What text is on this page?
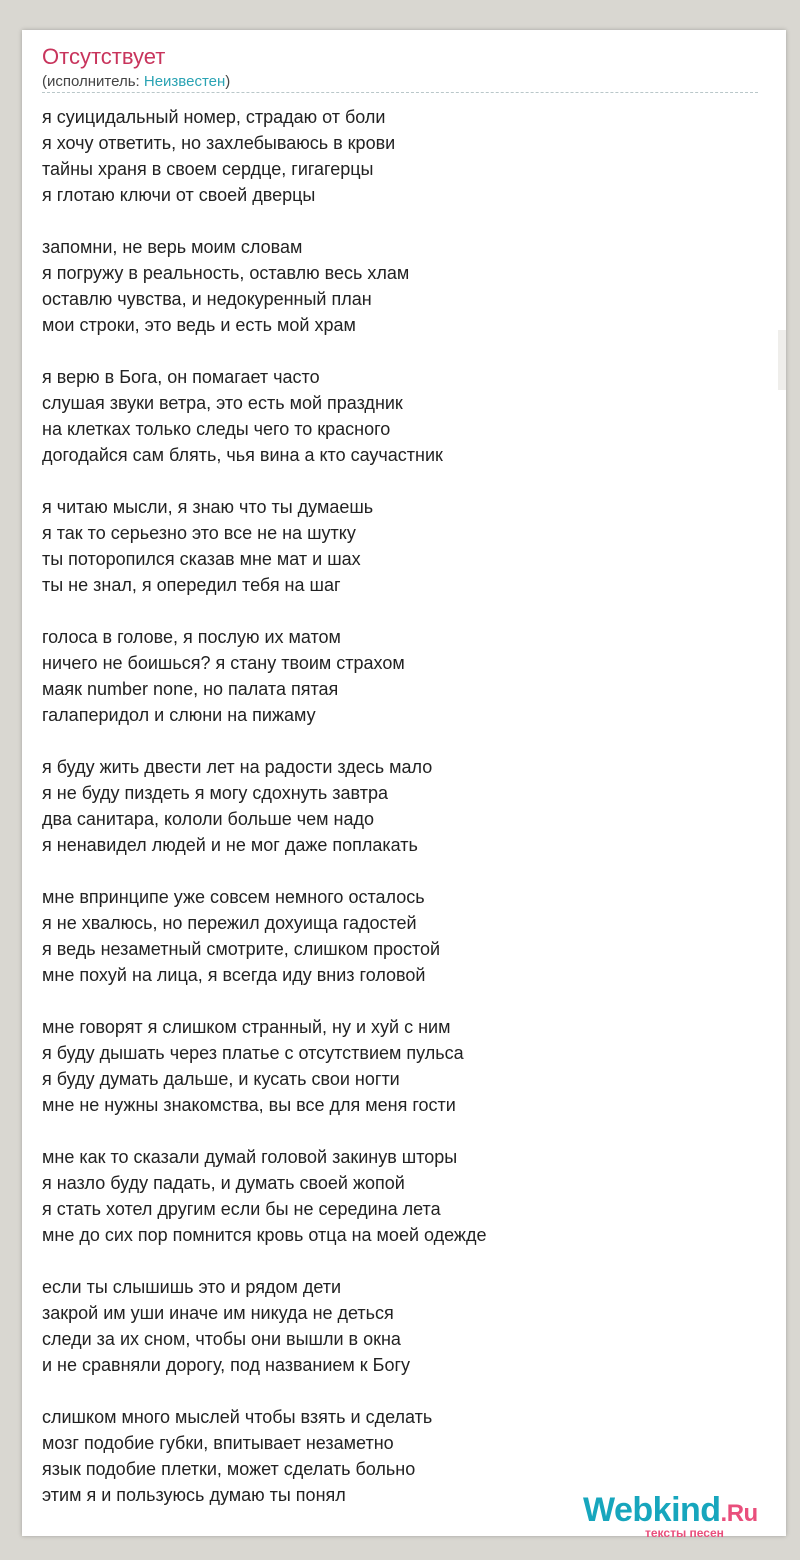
Отсутствует
(исполнитель: Неизвестен)
я суицидальный номер, страдаю от боли
я хочу ответить, но захлебываюсь в крови
тайны храня в своем сердце, гигагерцы
я глотаю ключи от своей дверцы
запомни, не верь моим словам
я погружу в реальность, оставлю весь хлам
оставлю чувства, и недокуренный план
мои строки, это ведь и есть мой храм
я верю в Бога, он помагает часто
слушая звуки ветра, это есть мой праздник
на клетках только следы чего то красного
догодайся сам блять, чья вина а кто саучастник
я читаю мысли, я знаю что ты думаешь
я так то серьезно это все не на шутку
ты поторопился сказав мне мат и шах
ты не знал, я опередил тебя на шаг
голоса в голове, я послую их матом
ничего не боишься? я стану твоим страхом
маяк number none, но палата пятая
галаперидол и слюни на пижаму
я буду жить двести лет на радости здесь мало
я не буду пиздеть я могу сдохнуть завтра
два санитара, кололи больше чем надо
я ненавидел людей и не мог даже поплакать
мне впринципе уже совсем немного осталось
я не хвалюсь, но пережил дохуища гадостей
я ведь незаметный смотрите, слишком простой
мне похуй на лица, я всегда иду вниз головой
мне говорят я слишком странный, ну и хуй с ним
я буду дышать через платье с отсутствием пульса
я буду думать дальше, и кусать свои ногти
мне не нужны знакомства, вы все для меня гости
мне как то сказали думай головой закинув шторы
я назло буду падать, и думать своей жопой
я стать хотел другим если бы не середина лета
мне до сих пор помнится кровь отца на моей одежде
если ты слышишь это и рядом дети
закрой им уши иначе им никуда не деться
следи за их сном, чтобы они вышли в окна
и не сравняли дорогу, под названием к Богу
слишком много мыслей чтобы взять и сделать
мозг подобие губки, впитывает незаметно
язык подобие плетки, может сделать больно
этим я и пользуюсь думаю ты понял	Webkind.Ru
тексты песен
